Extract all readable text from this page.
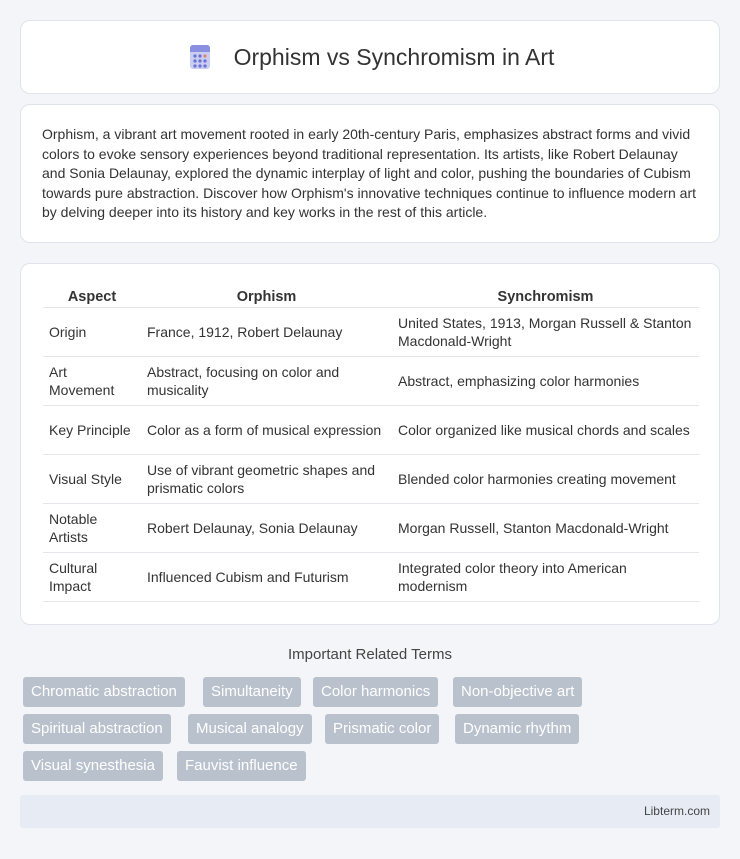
Orphism vs Synchromism in Art

Orphism, a vibrant art movement rooted in early 20th-century Paris, emphasizes abstract forms and vivid colors to evoke sensory experiences beyond traditional representation. Its artists, like Robert Delaunay and Sonia Delaunay, explored the dynamic interplay of light and color, pushing the boundaries of Cubism towards pure abstraction. Discover how Orphism's innovative techniques continue to influence modern art by delving deeper into its history and key works in the rest of this article.

Aspect	Orphism	Synchromism
Origin	France, 1912, Robert Delaunay	United States, 1913, Morgan Russell & Stanton Macdonald-Wright
Art Movement	Abstract, focusing on color and musicality	Abstract, emphasizing color harmonies
Key Principle	Color as a form of musical expression	Color organized like musical chords and scales
Visual Style	Use of vibrant geometric shapes and prismatic colors	Blended color harmonies creating movement
Notable Artists	Robert Delaunay, Sonia Delaunay	Morgan Russell, Stanton Macdonald-Wright
Cultural Impact	Influenced Cubism and Futurism	Integrated color theory into American modernism
Important Related Terms
Chromatic abstraction	Simultaneity	Color harmonics	Non-objective art
Spiritual abstraction	Musical analogy	Prismatic color	Dynamic rhythm
Visual synesthesia	Fauvist influence
Libterm.com
